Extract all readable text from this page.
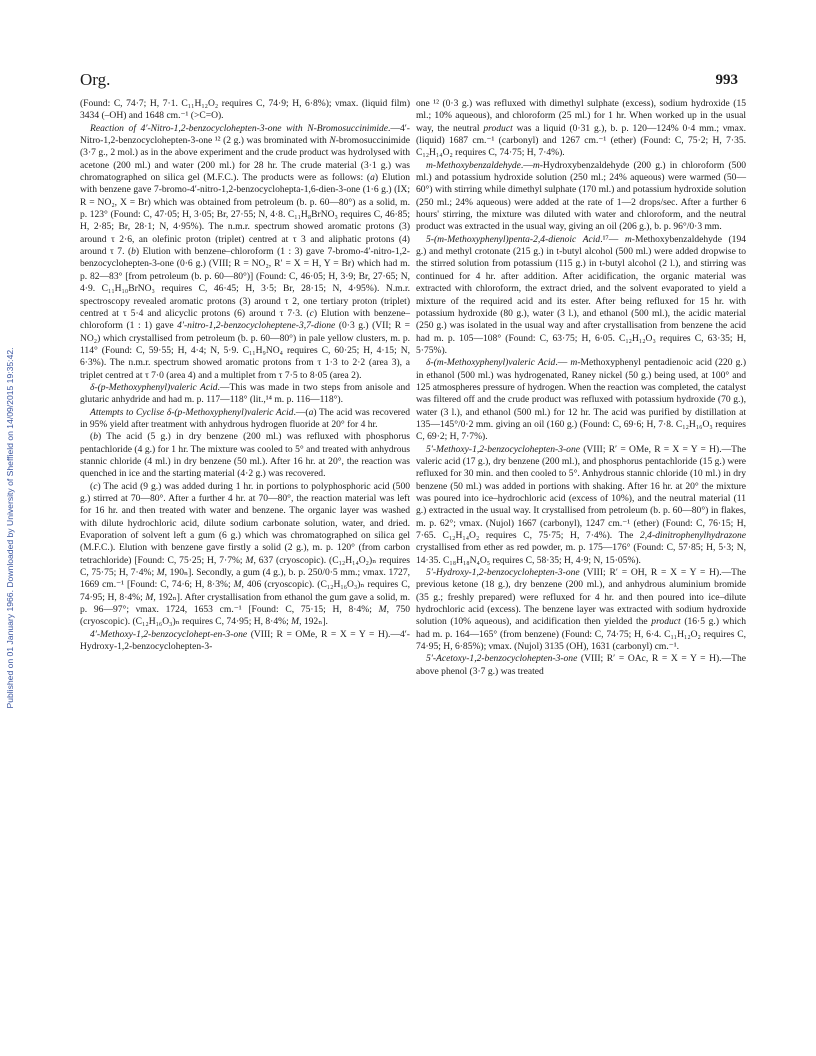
Org.	993
Published on 01 January 1966. Downloaded by University of Sheffield on 14/09/2015 19:35:42.

(Found: C, 74·7; H, 7·1. C₁₁H₁₂O₂ requires C, 74·9; H, 6·8%); νmax. (liquid film) 3434 (–OH) and 1648 cm.⁻¹ (>C=O).

Reaction of 4′-Nitro-1,2-benzocyclohepten-3-one with N-Bromosuccinimide.—4′-Nitro-1,2-benzocyclohepten-3-one ¹² (2 g.) was brominated with N-bromosuccinimide (3·7 g., 2 mol.) as in the above experiment and the crude product was hydrolysed with acetone (200 ml.) and water (200 ml.) for 28 hr. The crude material (3·1 g.) was chromatographed on silica gel (M.F.C.). The products were as follows: (a) Elution with benzene gave 7-bromo-4′-nitro-1,2-benzocyclohepta-1,6-dien-3-one (1·6 g.) (IX; R = NO₂, X = Br) which was obtained from petroleum (b. p. 60—80°) as a solid, m. p. 123° (Found: C, 47·05; H, 3·05; Br, 27·55; N, 4·8. C₁₁H₈BrNO₃ requires C, 46·85; H, 2·85; Br, 28·1; N, 4·95%). The n.m.r. spectrum showed aromatic protons (3) around τ 2·6, an olefinic proton (triplet) centred at τ 3 and aliphatic protons (4) around τ 7. (b) Elution with benzene–chloroform (1 : 3) gave 7-bromo-4′-nitro-1,2-benzocyclohepten-3-one (0·6 g.) (VIII; R = NO₂, R′ = X = H, Y = Br) which had m. p. 82—83° [from petroleum (b. p. 60—80°)] (Found: C, 46·05; H, 3·9; Br, 27·65; N, 4·9. C₁₁H₁₀BrNO₃ requires C, 46·45; H, 3·5; Br, 28·15; N, 4·95%). N.m.r. spectroscopy revealed aromatic protons (3) around τ 2, one tertiary proton (triplet) centred at τ 5·4 and alicyclic protons (6) around τ 7·3. (c) Elution with benzene–chloroform (1 : 1) gave 4′-nitro-1,2-benzocycloheptene-3,7-dione (0·3 g.) (VII; R = NO₂) which crystallised from petroleum (b. p. 60—80°) in pale yellow clusters, m. p. 114° (Found: C, 59·55; H, 4·4; N, 5·9. C₁₁H₉NO₄ requires C, 60·25; H, 4·15; N, 6·3%). The n.m.r. spectrum showed aromatic protons from τ 1·3 to 2·2 (area 3), a triplet centred at τ 7·0 (area 4) and a multiplet from τ 7·5 to 8·05 (area 2).

δ-(p-Methoxyphenyl)valeric Acid.—This was made in two steps from anisole and glutaric anhydride and had m. p. 117—118° (lit.,¹⁴ m. p. 116—118°).

Attempts to Cyclise δ-(p-Methoxyphenyl)valeric Acid.—(a) The acid was recovered in 95% yield after treatment with anhydrous hydrogen fluoride at 20° for 4 hr.

(b) The acid (5 g.) in dry benzene (200 ml.) was refluxed with phosphorus pentachloride (4 g.) for 1 hr. The mixture was cooled to 5° and treated with anhydrous stannic chloride (4 ml.) in dry benzene (50 ml.). After 16 hr. at 20°, the reaction was quenched in ice and the starting material (4·2 g.) was recovered.

(c) The acid (9 g.) was added during 1 hr. in portions to polyphosphoric acid (500 g.) stirred at 70—80°. After a further 4 hr. at 70—80°, the reaction material was left for 16 hr. and then treated with water and benzene. The organic layer was washed with dilute hydrochloric acid, dilute sodium carbonate solution, water, and dried. Evaporation of solvent left a gum (6 g.) which was chromatographed on silica gel (M.F.C.). Elution with benzene gave firstly a solid (2 g.), m. p. 120° (from carbon tetrachloride) [Found: C, 75·25; H, 7·7%; M, 637 (cryoscopic). (C₁₂H₁₄O₂)ₙ requires C, 75·75; H, 7·4%; M, 190ₙ]. Secondly, a gum (4 g.), b. p. 250/0·5 mm.; νmax. 1727, 1669 cm.⁻¹ [Found: C, 74·6; H, 8·3%; M, 406 (cryoscopic). (C₁₂H₁₆O₃)ₙ requires C, 74·95; H, 8·4%; M, 192ₙ]. After crystallisation from ethanol the gum gave a solid, m. p. 96—97°; νmax. 1724, 1653 cm.⁻¹ [Found: C, 75·15; H, 8·4%; M, 750 (cryoscopic). (C₁₂H₁₆O₃)ₙ requires C, 74·95; H, 8·4%; M, 192ₙ].

4′-Methoxy-1,2-benzocyclohept-en-3-one (VIII; R = OMe, R = X = Y = H).—4′-Hydroxy-1,2-benzocyclohepten-3-

one ¹² (0·3 g.) was refluxed with dimethyl sulphate (excess), sodium hydroxide (15 ml.; 10% aqueous), and chloroform (25 ml.) for 1 hr. When worked up in the usual way, the neutral product was a liquid (0·31 g.), b. p. 120—124% 0·4 mm.; νmax. (liquid) 1687 cm.⁻¹ (carbonyl) and 1267 cm.⁻¹ (ether) (Found: C, 75·2; H, 7·35. C₁₂H₁₄O₂ requires C, 74·75; H, 7·4%).

m-Methoxybenzaldehyde.—m-Hydroxybenzaldehyde (200 g.) in chloroform (500 ml.) and potassium hydroxide solution (250 ml.; 24% aqueous) were warmed (50—60°) with stirring while dimethyl sulphate (170 ml.) and potassium hydroxide solution (250 ml.; 24% aqueous) were added at the rate of 1—2 drops/sec. After a further 6 hours' stirring, the mixture was diluted with water and chloroform, and the neutral product was extracted in the usual way, giving an oil (206 g.), b. p. 96°/0·3 mm.

5-(m-Methoxyphenyl)penta-2,4-dienoic Acid.¹⁷— m-Methoxybenzaldehyde (194 g.) and methyl crotonate (215 g.) in t-butyl alcohol (500 ml.) were added dropwise to the stirred solution from potassium (115 g.) in t-butyl alcohol (2 l.), and stirring was continued for 4 hr. after addition. After acidification, the organic material was extracted with chloroform, the extract dried, and the solvent evaporated to yield a mixture of the required acid and its ester. After being refluxed for 15 hr. with potassium hydroxide (80 g.), water (3 l.), and ethanol (500 ml.), the acidic material (250 g.) was isolated in the usual way and after crystallisation from benzene the acid had m. p. 105—108° (Found: C, 63·75; H, 6·05. C₁₂H₁₂O₃ requires C, 63·35; H, 5·75%).

δ-(m-Methoxyphenyl)valeric Acid.— m-Methoxyphenyl pentadienoic acid (220 g.) in ethanol (500 ml.) was hydrogenated, Raney nickel (50 g.) being used, at 100° and 125 atmospheres pressure of hydrogen. When the reaction was completed, the catalyst was filtered off and the crude product was refluxed with potassium hydroxide (70 g.), water (3 l.), and ethanol (500 ml.) for 12 hr. The acid was purified by distillation at 135—145°/0·2 mm. giving an oil (160 g.) (Found: C, 69·6; H, 7·8. C₁₂H₁₆O₃ requires C, 69·2; H, 7·7%).

5′-Methoxy-1,2-benzocyclohepten-3-one (VIII; R′ = OMe, R = X = Y = H).—The valeric acid (17 g.), dry benzene (200 ml.), and phosphorus pentachloride (15 g.) were refluxed for 30 min. and then cooled to 5°. Anhydrous stannic chloride (10 ml.) in dry benzene (50 ml.) was added in portions with shaking. After 16 hr. at 20° the mixture was poured into ice–hydrochloric acid (excess of 10%), and the neutral material (11 g.) extracted in the usual way. It crystallised from petroleum (b. p. 60—80°) in flakes, m. p. 62°; νmax. (Nujol) 1667 (carbonyl), 1247 cm.⁻¹ (ether) (Found: C, 76·15; H, 7·65. C₁₂H₁₄O₂ requires C, 75·75; H, 7·4%). The 2,4-dinitrophenylhydrazone crystallised from ether as red powder, m. p. 175—176° (Found: C, 57·85; H, 5·3; N, 14·35. C₁₈H₁₈N₄O₅ requires C, 58·35; H, 4·9; N, 15·05%).

5′-Hydroxy-1,2-benzocyclohepten-3-one (VIII; R′ = OH, R = X = Y = H).—The previous ketone (18 g.), dry benzene (200 ml.), and anhydrous aluminium bromide (35 g.; freshly prepared) were refluxed for 4 hr. and then poured into ice–dilute hydrochloric acid (excess). The benzene layer was extracted with sodium hydroxide solution (10% aqueous), and acidification then yielded the product (16·5 g.) which had m. p. 164—165° (from benzene) (Found: C, 74·75; H, 6·4. C₁₁H₁₂O₂ requires C, 74·95; H, 6·85%); νmax. (Nujol) 3135 (OH), 1631 (carbonyl) cm.⁻¹.

5′-Acetoxy-1,2-benzocyclohepten-3-one (VIII; R′ = OAc, R = X = Y = H).—The above phenol (3·7 g.) was treated
